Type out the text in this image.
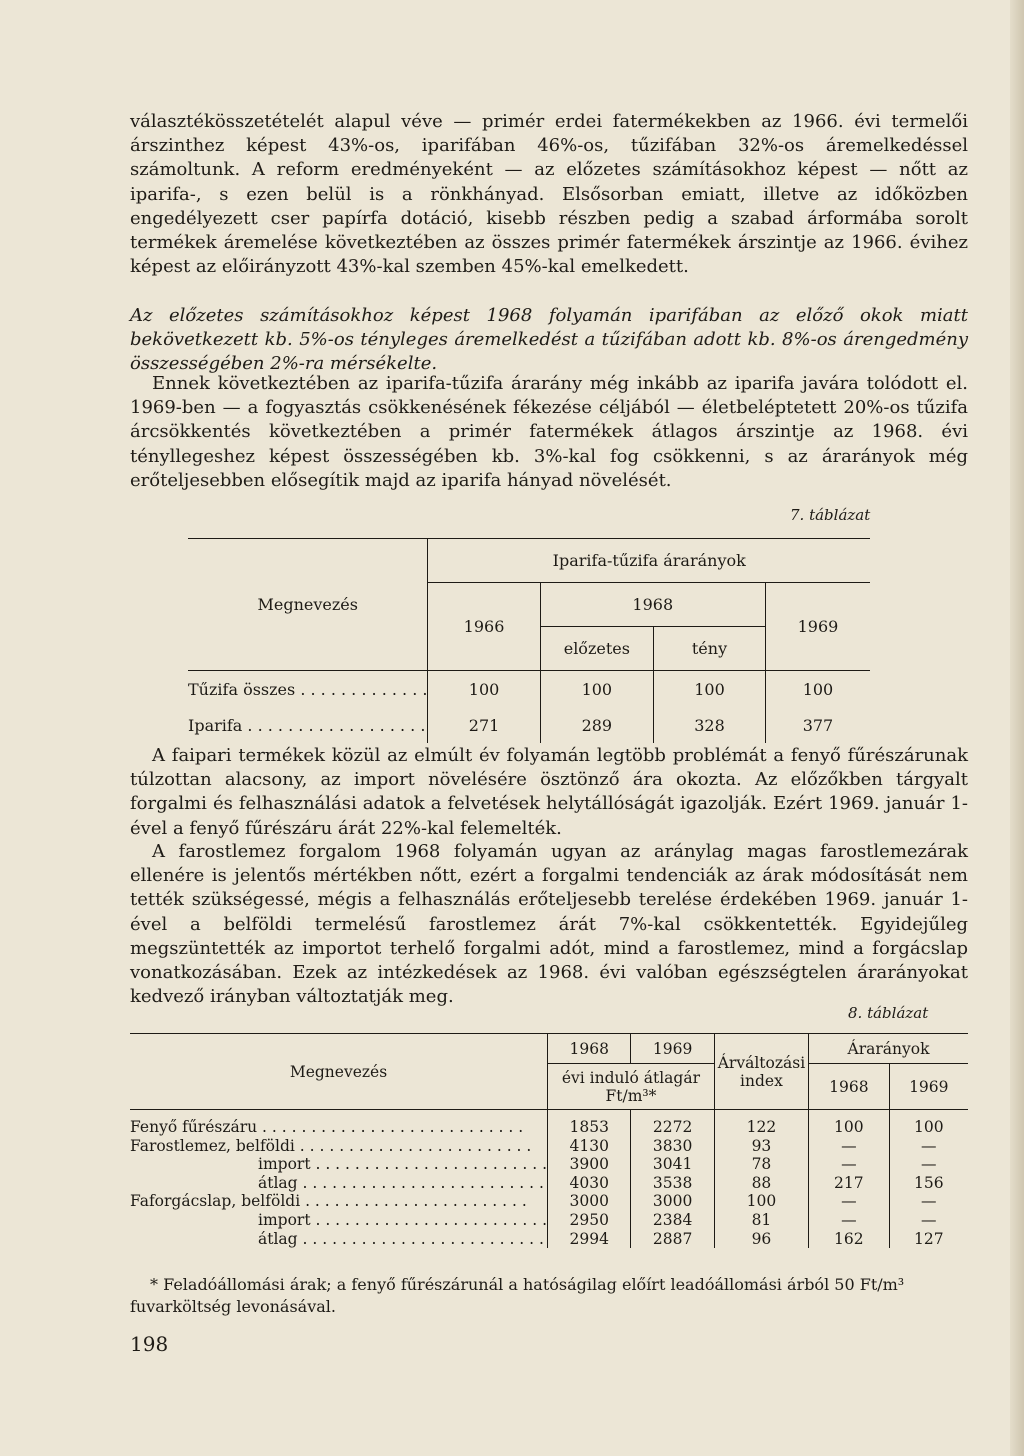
választékösszetételét alapul véve — primér erdei fatermékekben az 1966. évi termelői árszinthez képest 43%-os, iparifában 46%-os, tűzifában 32%-os áremelkedéssel számoltunk. A reform eredményeként — az előzetes számításokhoz képest — nőtt az iparifa-, s ezen belül is a rönkhányad. Elsősorban emiatt, illetve az időközben engedélyezett cser papírfa dotáció, kisebb részben pedig a szabad árformába sorolt termékek áremelése következtében az összes primér fatermékek árszintje az 1966. évihez képest az előirányzott 43%-kal szemben 45%-kal emelkedett.

Az előzetes számításokhoz képest 1968 folyamán iparifában az előző okok miatt bekövetkezett kb. 5%-os tényleges áremelkedést a tűzifában adott kb. 8%-os árengedmény összességében 2%-ra mérsékelte.

Ennek következtében az iparifa-tűzifa árarány még inkább az iparifa javára tolódott el. 1969-ben — a fogyasztás csökkenésének fékezése céljából — életbeléptetett 20%-os tűzifa árcsökkentés következtében a primér fatermékek átlagos árszintje az 1968. évi tényllegeshez képest összességében kb. 3%-kal fog csökkenni, s az árarányok még erőteljesebben elősegítik majd az iparifa hányad növelését.

7. táblázat

Megnevezés	Iparifa-tűzifa árarányok			
	1966	1968		1969
		előzetes	tény	
Tűzifa összes . . . . . . . . . . . . .	100	100	100	100
Iparifa . . . . . . . . . . . . . . . . . .	271	289	328	377

A faipari termékek közül az elmúlt év folyamán legtöbb problémát a fenyő fűrészárunak túlzottan alacsony, az import növelésére ösztönző ára okozta. Az előzőkben tárgyalt forgalmi és felhasználási adatok a felvetések helytállóságát igazolják. Ezért 1969. január 1-ével a fenyő fűrészáru árát 22%-kal felemelték.

A farostlemez forgalom 1968 folyamán ugyan az aránylag magas farostlemezárak ellenére is jelentős mértékben nőtt, ezért a forgalmi tendenciák az árak módosítását nem tették szükségessé, mégis a felhasználás erőteljesebb terelése érdekében 1969. január 1-ével a belföldi termelésű farostlemez árát 7%-kal csökkentették. Egyidejűleg megszüntették az importot terhelő forgalmi adót, mind a farostlemez, mind a forgácslap vonatkozásában. Ezek az intézkedések az 1968. évi valóban egészségtelen árarányokat kedvező irányban változtatják meg.

8. táblázat

Megnevezés	1968	1969	Árváltozási index	Árarányok	

	évi induló átlagár
Ft/m³*			1968	1969

Fenyő fűrészáru . . . . . . . . . . . . . . . . . . . . . . . . . . .	1853	2272	122	100	100
Farostlemez, belföldi . . . . . . . . . . . . . . . . . . . . . . . .	4130	3830	93	—	—
import . . . . . . . . . . . . . . . . . . . . . . . .	3900	3041	78	—	—
átlag . . . . . . . . . . . . . . . . . . . . . . . . .	4030	3538	88	217	156
Faforgácslap, belföldi . . . . . . . . . . . . . . . . . . . . . . .	3000	3000	100	—	—
import . . . . . . . . . . . . . . . . . . . . . . . .	2950	2384	81	—	—
átlag . . . . . . . . . . . . . . . . . . . . . . . . .	2994	2887	96	162	127

* Feladóállomási árak; a fenyő fűrészárunál a hatóságilag előírt leadóállomási árból 50 Ft/m³ fuvarköltség levonásával.

198
